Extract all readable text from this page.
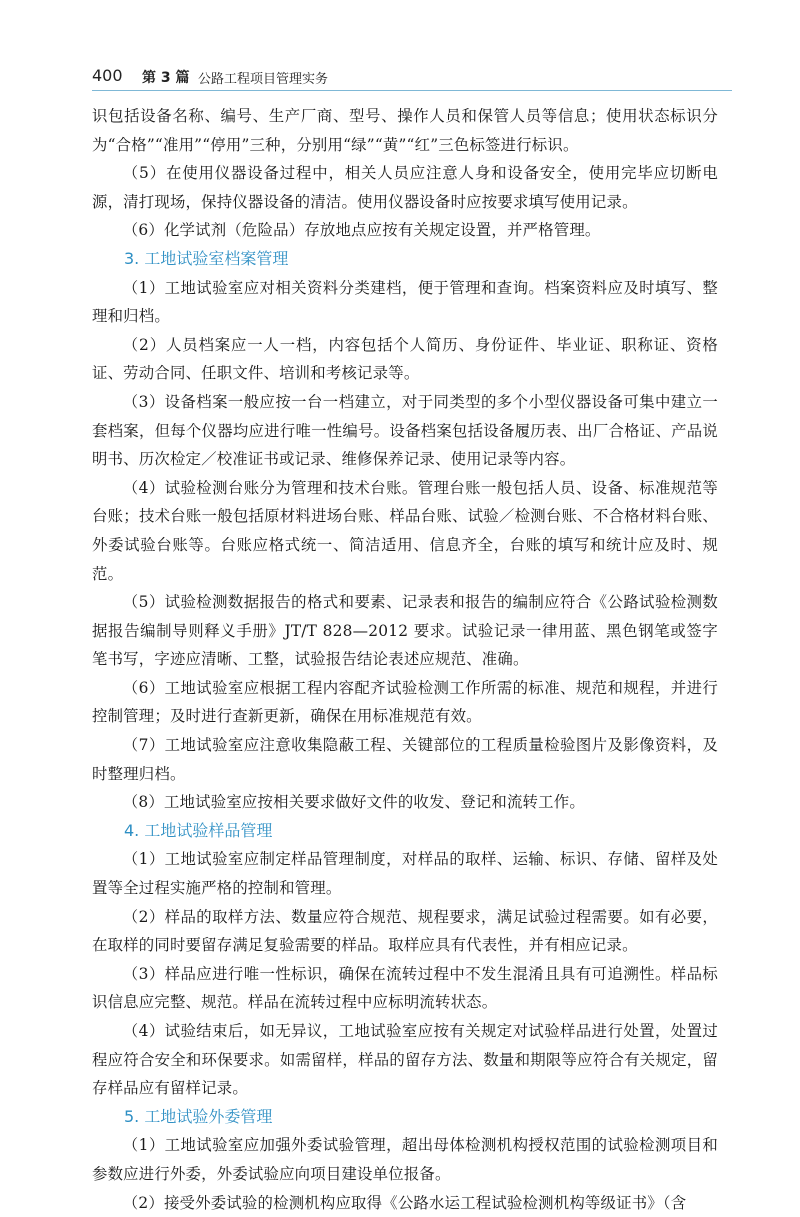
400 第 3 篇 公路工程项目管理实务

识包括设备名称、编号、生产厂商、型号、操作人员和保管人员等信息；使用状态标识分为“合格”“准用”“停用”三种，分别用“绿”“黄”“红”三色标签进行标识。

（5）在使用仪器设备过程中，相关人员应注意人身和设备安全，使用完毕应切断电源，清打现场，保持仪器设备的清洁。使用仪器设备时应按要求填写使用记录。

（6）化学试剂（危险品）存放地点应按有关规定设置，并严格管理。

3. 工地试验室档案管理

（1）工地试验室应对相关资料分类建档，便于管理和查询。档案资料应及时填写、整理和归档。

（2）人员档案应一人一档，内容包括个人简历、身份证件、毕业证、职称证、资格证、劳动合同、任职文件、培训和考核记录等。

（3）设备档案一般应按一台一档建立，对于同类型的多个小型仪器设备可集中建立一套档案，但每个仪器均应进行唯一性编号。设备档案包括设备履历表、出厂合格证、产品说明书、历次检定／校准证书或记录、维修保养记录、使用记录等内容。

（4）试验检测台账分为管理和技术台账。管理台账一般包括人员、设备、标准规范等台账；技术台账一般包括原材料进场台账、样品台账、试验／检测台账、不合格材料台账、外委试验台账等。台账应格式统一、简洁适用、信息齐全，台账的填写和统计应及时、规范。

（5）试验检测数据报告的格式和要素、记录表和报告的编制应符合《公路试验检测数据报告编制导则释义手册》JT/T 828—2012 要求。试验记录一律用蓝、黑色钢笔或签字笔书写，字迹应清晰、工整，试验报告结论表述应规范、准确。

（6）工地试验室应根据工程内容配齐试验检测工作所需的标准、规范和规程，并进行控制管理；及时进行查新更新，确保在用标准规范有效。

（7）工地试验室应注意收集隐蔽工程、关键部位的工程质量检验图片及影像资料，及时整理归档。

（8）工地试验室应按相关要求做好文件的收发、登记和流转工作。

4. 工地试验样品管理

（1）工地试验室应制定样品管理制度，对样品的取样、运输、标识、存储、留样及处置等全过程实施严格的控制和管理。

（2）样品的取样方法、数量应符合规范、规程要求，满足试验过程需要。如有必要，在取样的同时要留存满足复验需要的样品。取样应具有代表性，并有相应记录。

（3）样品应进行唯一性标识，确保在流转过程中不发生混淆且具有可追溯性。样品标识信息应完整、规范。样品在流转过程中应标明流转状态。

（4）试验结束后，如无异议，工地试验室应按有关规定对试验样品进行处置，处置过程应符合安全和环保要求。如需留样，样品的留存方法、数量和期限等应符合有关规定，留存样品应有留样记录。

5. 工地试验外委管理

（1）工地试验室应加强外委试验管理，超出母体检测机构授权范围的试验检测项目和参数应进行外委，外委试验应向项目建设单位报备。

（2）接受外委试验的检测机构应取得《公路水运工程试验检测机构等级证书》（含
